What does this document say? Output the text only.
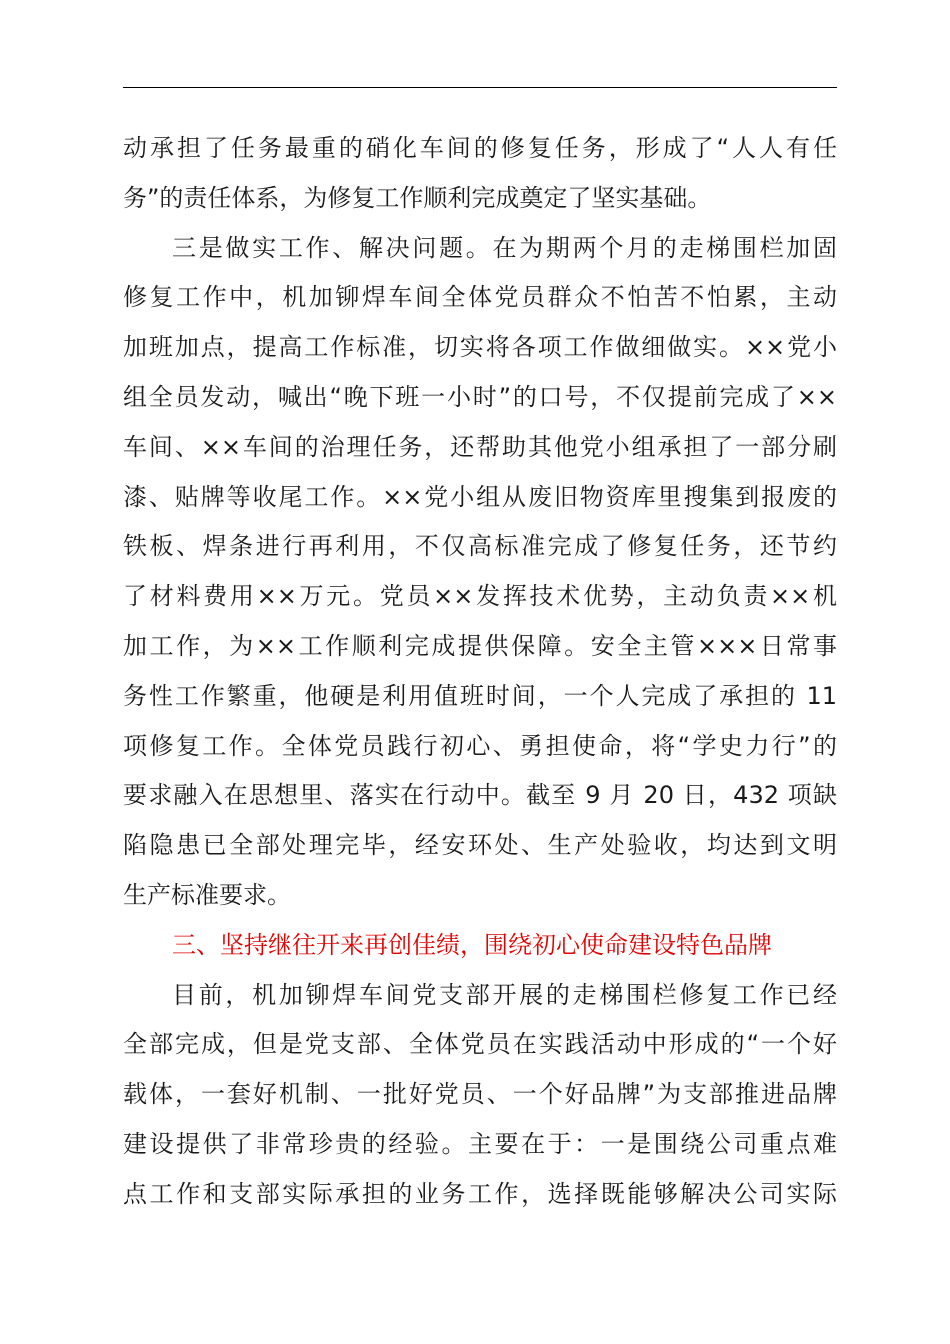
动承担了任务最重的硝化车间的修复任务，形成了“人人有任
务”的责任体系，为修复工作顺利完成奠定了坚实基础。
三是做实工作、解决问题。在为期两个月的走梯围栏加固
修复工作中，机加铆焊车间全体党员群众不怕苦不怕累，主动
加班加点，提高工作标准，切实将各项工作做细做实。××党小
组全员发动，喊出“晚下班一小时”的口号，不仅提前完成了××
车间、××车间的治理任务，还帮助其他党小组承担了一部分刷
漆、贴牌等收尾工作。××党小组从废旧物资库里搜集到报废的
铁板、焊条进行再利用，不仅高标准完成了修复任务，还节约
了材料费用××万元。党员××发挥技术优势，主动负责××机
加工作，为××工作顺利完成提供保障。安全主管×××日常事
务性工作繁重，他硬是利用值班时间，一个人完成了承担的 11
项修复工作。全体党员践行初心、勇担使命，将“学史力行”的
要求融入在思想里、落实在行动中。截至 9 月 20 日，432 项缺
陷隐患已全部处理完毕，经安环处、生产处验收，均达到文明
生产标准要求。
三、坚持继往开来再创佳绩，围绕初心使命建设特色品牌
目前，机加铆焊车间党支部开展的走梯围栏修复工作已经
全部完成，但是党支部、全体党员在实践活动中形成的“一个好
载体，一套好机制、一批好党员、一个好品牌”为支部推进品牌
建设提供了非常珍贵的经验。主要在于：一是围绕公司重点难
点工作和支部实际承担的业务工作，选择既能够解决公司实际
